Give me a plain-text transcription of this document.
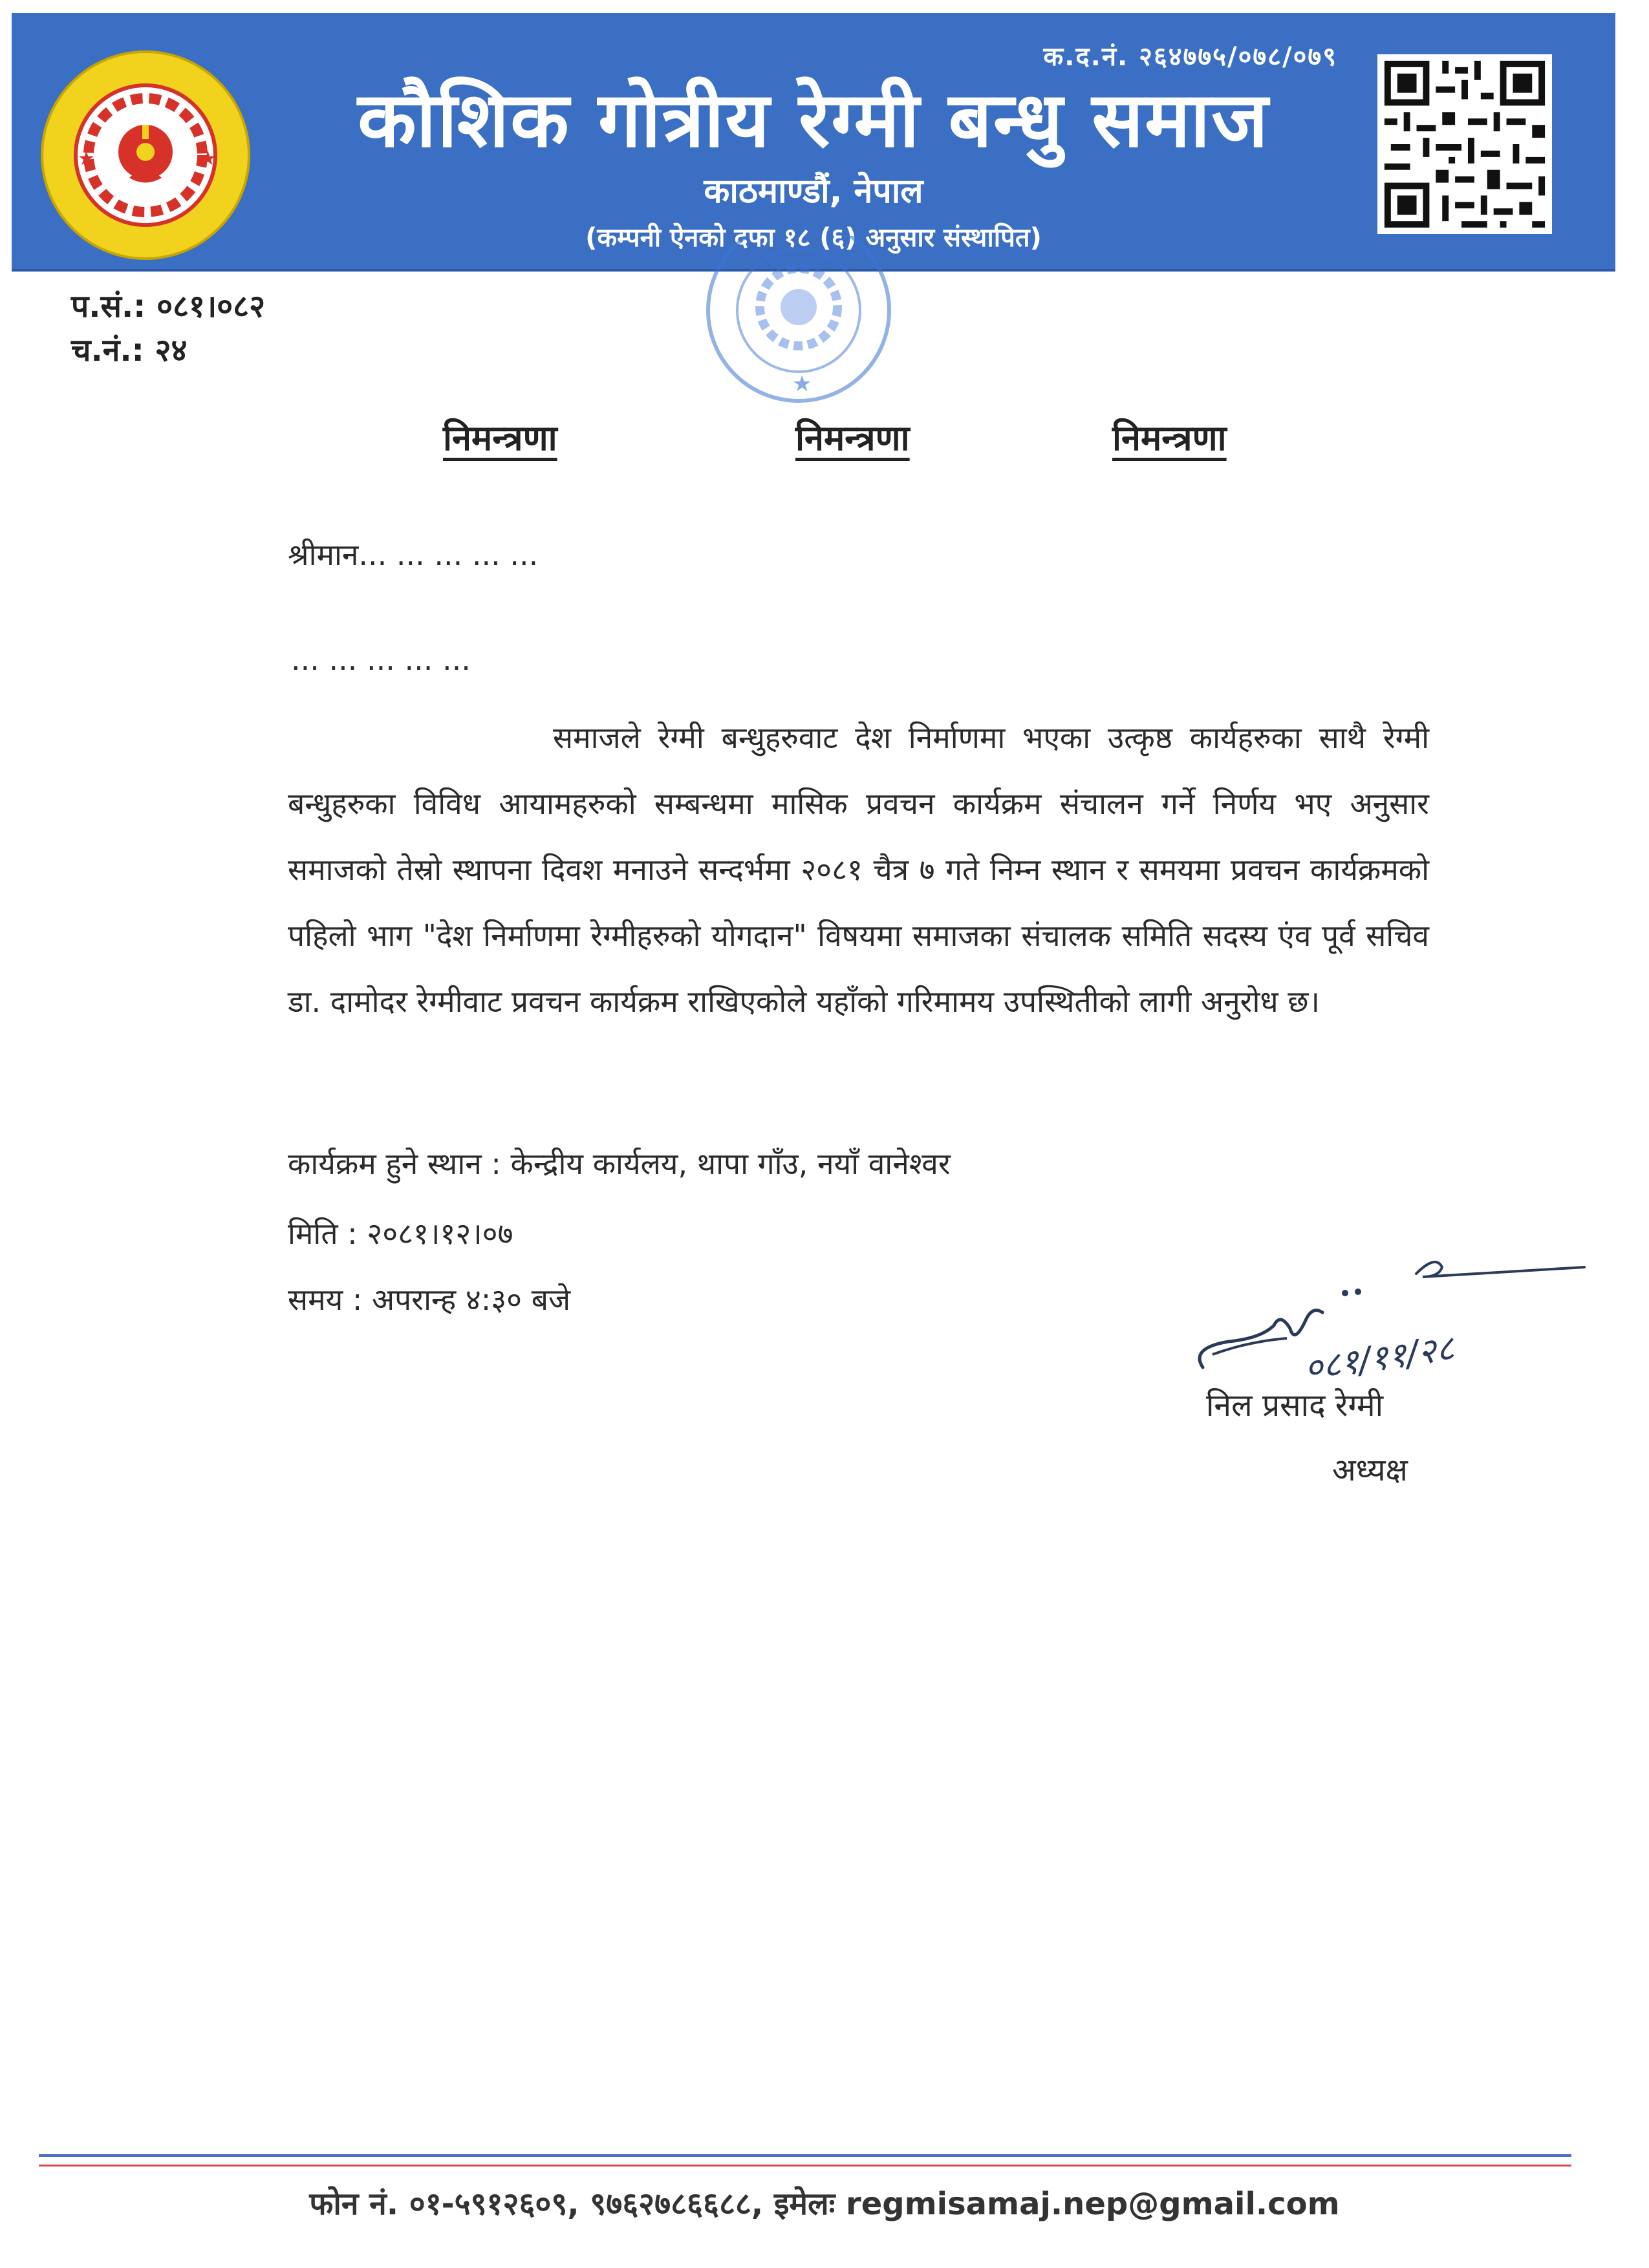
क.द.नं. २६४७७५/०७८/०७९
कौशिक गोत्रीय रेग्मी बन्धु समाज
काठमाण्डौं, नेपाल
(कम्पनी ऐनको दफा १८ (६) अनुसार संस्थापित)
★	★
★
प.सं.: ०८१।०८२
च.नं.: २४
निमन्त्रणा	निमन्त्रणा	निमन्त्रणा
श्रीमान... ... ... ... ...
... ... ... ... ...
समाजले रेग्मी बन्धुहरुवाट देश निर्माणमा भएका उत्कृष्ठ कार्यहरुका साथै रेग्मी बन्धुहरुका विविध आयामहरुको सम्बन्धमा मासिक प्रवचन कार्यक्रम संचालन गर्ने निर्णय भए अनुसार समाजको तेस्रो स्थापना दिवश मनाउने सन्दर्भमा २०८१ चैत्र ७ गते निम्न स्थान र समयमा प्रवचन कार्यक्रमको पहिलो भाग "देश निर्माणमा रेग्मीहरुको योगदान" विषयमा समाजका संचालक समिति सदस्य एंव पूर्व सचिव डा. दामोदर रेग्मीवाट प्रवचन कार्यक्रम राखिएकोले यहाँको गरिमामय उपस्थितीको लागी अनुरोध छ।
कार्यक्रम हुने स्थान : केन्द्रीय कार्यलय, थापा गाँउ, नयाँ वानेश्वर
मिति : २०८१।१२।०७
समय : अपरान्ह ४:३० बजे
०८१/११/२८
निल प्रसाद रेग्मी
अध्यक्ष
फोन नं. ०१-५९१२६०९, ९७६२७८६६८८, इमेलः regmisamaj.nep@gmail.com
